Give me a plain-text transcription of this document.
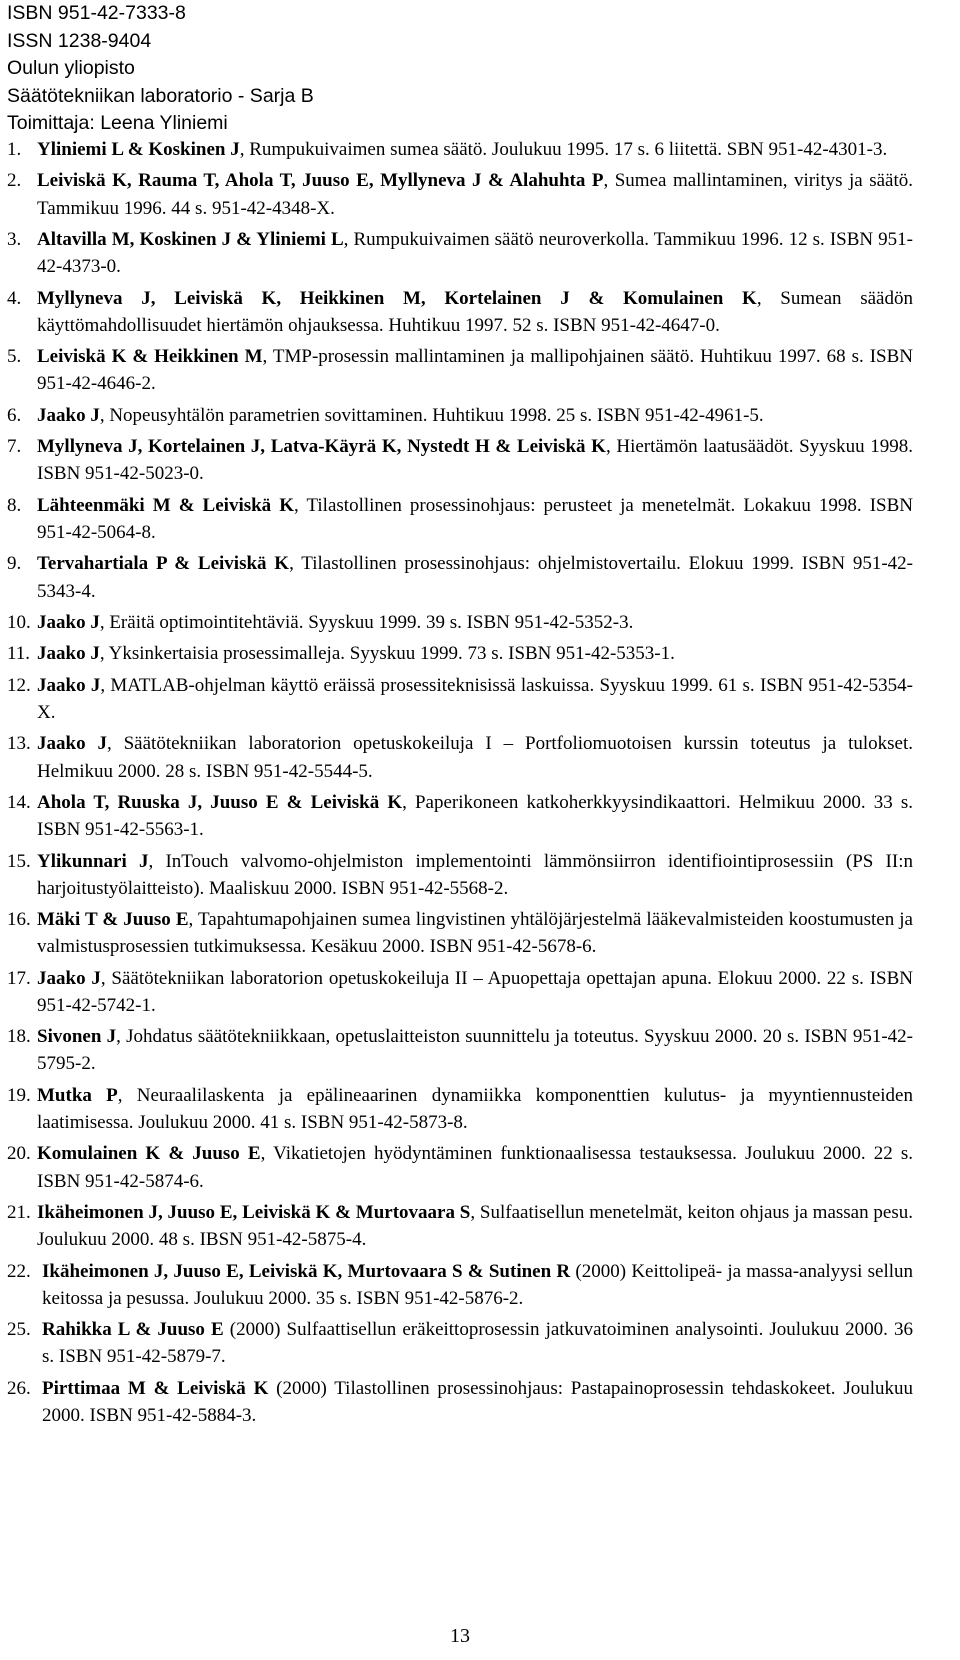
ISBN 951-42-7333-8
ISSN 1238-9404
Oulun yliopisto
Säätötekniikan laboratorio - Sarja B
Toimittaja: Leena Yliniemi
1. Yliniemi L & Koskinen J, Rumpukuivaimen sumea säätö. Joulukuu 1995. 17 s. 6 liitettä. SBN 951-42-4301-3.
2. Leiviskä K, Rauma T, Ahola T, Juuso E, Myllyneva J & Alahuhta P, Sumea mallintaminen, viritys ja säätö. Tammikuu 1996. 44 s. 951-42-4348-X.
3. Altavilla M, Koskinen J & Yliniemi L, Rumpukuivaimen säätö neuroverkolla. Tammikuu 1996. 12 s. ISBN 951-42-4373-0.
4. Myllyneva J, Leiviskä K, Heikkinen M, Kortelainen J & Komulainen K, Sumean säädön käyttömahdollisuudet hiertämön ohjauksessa. Huhtikuu 1997. 52 s. ISBN 951-42-4647-0.
5. Leiviskä K & Heikkinen M, TMP-prosessin mallintaminen ja mallipohjainen säätö. Huhtikuu 1997. 68 s. ISBN 951-42-4646-2.
6. Jaako J, Nopeusyhtälön parametrien sovittaminen. Huhtikuu 1998. 25 s. ISBN 951-42-4961-5.
7. Myllyneva J, Kortelainen J, Latva-Käyrä K, Nystedt H & Leiviskä K, Hiertämön laatusäädöt. Syyskuu 1998. ISBN 951-42-5023-0.
8. Lähteenmäki M & Leiviskä K, Tilastollinen prosessinohjaus: perusteet ja menetelmät. Lokakuu 1998. ISBN 951-42-5064-8.
9. Tervahartiala P & Leiviskä K, Tilastollinen prosessinohjaus: ohjelmistovertailu. Elokuu 1999. ISBN 951-42-5343-4.
10. Jaako J, Eräitä optimointitehtäviä. Syyskuu 1999. 39 s. ISBN 951-42-5352-3.
11. Jaako J, Yksinkertaisia prosessimalleja. Syyskuu 1999. 73 s. ISBN 951-42-5353-1.
12. Jaako J, MATLAB-ohjelman käyttö eräissä prosessiteknisissä laskuissa. Syyskuu 1999. 61 s. ISBN 951-42-5354-X.
13. Jaako J, Säätötekniikan laboratorion opetuskokeiluja I – Portfoliomuotoisen kurssin toteutus ja tulokset. Helmikuu 2000. 28 s. ISBN 951-42-5544-5.
14. Ahola T, Ruuska J, Juuso E & Leiviskä K, Paperikoneen katkoherkkyysindikaattori. Helmikuu 2000. 33 s. ISBN 951-42-5563-1.
15. Ylikunnari J, InTouch valvomo-ohjelmiston implementointi lämmönsiirron identifiointiprosessiin (PS II:n harjoitustyölaitteisto). Maaliskuu 2000. ISBN 951-42-5568-2.
16. Mäki T & Juuso E, Tapahtumapohjainen sumea lingvistinen yhtälöjärjestelmä lääkevalmisteiden koostumusten ja valmistusprosessien tutkimuksessa. Kesäkuu 2000. ISBN 951-42-5678-6.
17. Jaako J, Säätötekniikan laboratorion opetuskokeiluja II – Apuopettaja opettajan apuna. Elokuu 2000. 22 s. ISBN 951-42-5742-1.
18. Sivonen J, Johdatus säätötekniikkaan, opetuslaitteiston suunnittelu ja toteutus. Syyskuu 2000. 20 s. ISBN 951-42-5795-2.
19. Mutka P, Neuraalilaskenta ja epälineaarinen dynamiikka komponenttien kulutus- ja myyntiennusteiden laatimisessa. Joulukuu 2000. 41 s. ISBN 951-42-5873-8.
20. Komulainen K & Juuso E, Vikatietojen hyödyntäminen funktionaalisessa testauksessa. Joulukuu 2000. 22 s. ISBN 951-42-5874-6.
21. Ikäheimonen J, Juuso E, Leiviskä K & Murtovaara S, Sulfaatisellun menetelmät, keiton ohjaus ja massan pesu. Joulukuu 2000. 48 s. IBSN 951-42-5875-4.
22. Ikäheimonen J, Juuso E, Leiviskä K, Murtovaara S & Sutinen R (2000) Keittolipeä- ja massa-analyysi sellun keitossa ja pesussa. Joulukuu 2000. 35 s. ISBN 951-42-5876-2.
25. Rahikka L & Juuso E (2000) Sulfaattisellun eräkeittoprosessin jatkuvatoiminen analysointi. Joulukuu 2000. 36 s. ISBN 951-42-5879-7.
26. Pirttimaa M & Leiviskä K (2000) Tilastollinen prosessinohjaus: Pastapainoprosessin tehdaskokeet. Joulukuu 2000. ISBN 951-42-5884-3.
13
